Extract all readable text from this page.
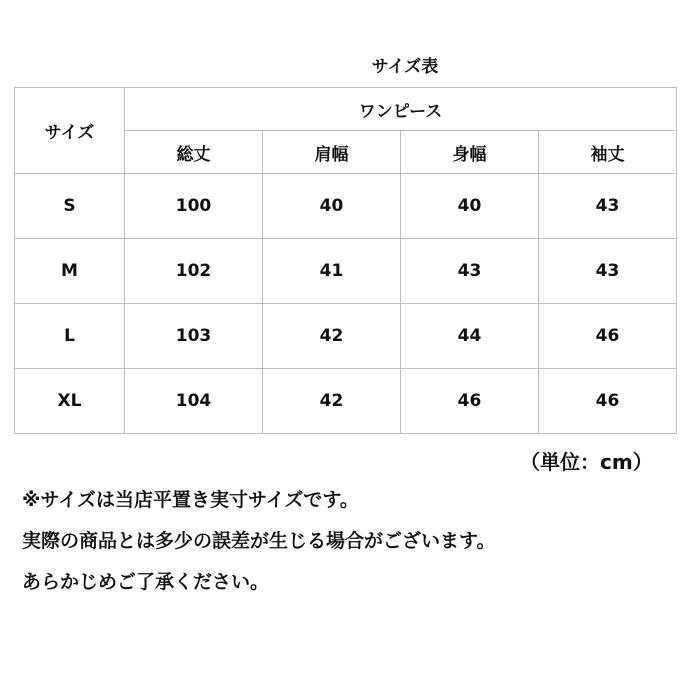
サイズ表
サイズ	ワンピース			
	総丈	肩幅	身幅	袖丈
S	100	40	40	43
M	102	41	43	43
L	103	42	44	46
XL	104	42	46	46
（単位：cm）
※サイズは当店平置き実寸サイズです。
実際の商品とは多少の誤差が生じる場合がございます。
あらかじめご了承ください。
